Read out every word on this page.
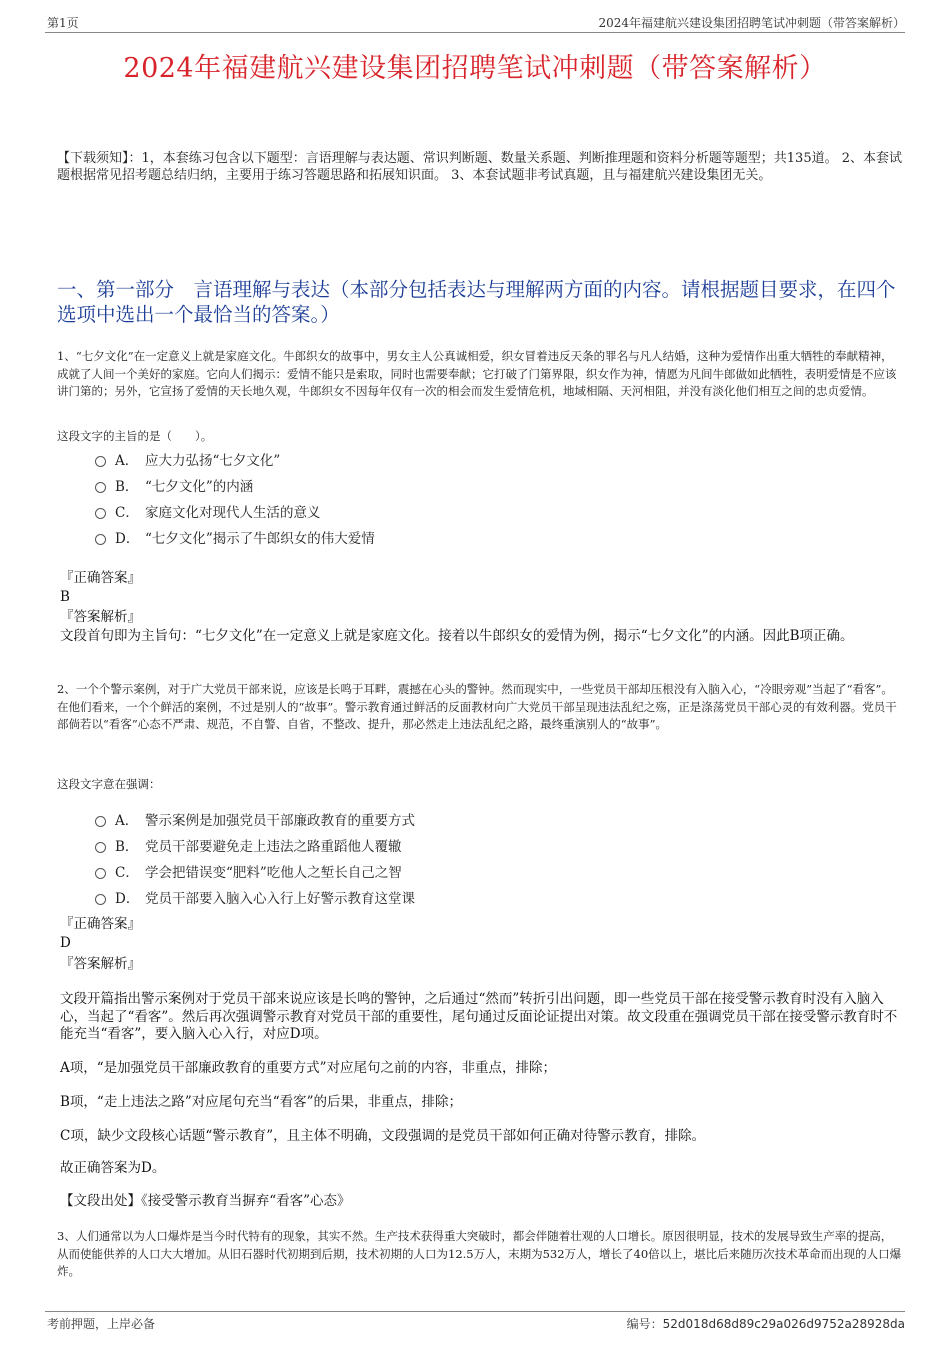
第1页	2024年福建航兴建设集团招聘笔试冲刺题（带答案解析）
2024年福建航兴建设集团招聘笔试冲刺题（带答案解析）
【下载须知】：1，本套练习包含以下题型：言语理解与表达题、常识判断题、数量关系题、判断推理题和资料分析题等题型；共135道。 2、本套试题根据常见招考题总结归纳，主要用于练习答题思路和拓展知识面。 3、本套试题非考试真题，且与福建航兴建设集团无关。
一、第一部分　言语理解与表达（本部分包括表达与理解两方面的内容。请根据题目要求，在四个选项中选出一个最恰当的答案。）
1、“七夕文化”在一定意义上就是家庭文化。牛郎织女的故事中，男女主人公真诚相爱，织女冒着违反天条的罪名与凡人结婚，这种为爱情作出重大牺牲的奉献精神，成就了人间一个美好的家庭。它向人们揭示：爱情不能只是索取，同时也需要奉献；它打破了门第界限，织女作为神，情愿为凡间牛郎做如此牺牲，表明爱情是不应该讲门第的；另外，它宣扬了爱情的天长地久观，牛郎织女不因每年仅有一次的相会而发生爱情危机，地域相隔、天河相阻，并没有淡化他们相互之间的忠贞爱情。
这段文字的主旨的是（　　）。
A． 应大力弘扬“七夕文化”
B． “七夕文化”的内涵
C． 家庭文化对现代人生活的意义
D． “七夕文化”揭示了牛郎织女的伟大爱情
『正确答案』
B
『答案解析』
文段首句即为主旨句：“七夕文化”在一定意义上就是家庭文化。接着以牛郎织女的爱情为例，揭示“七夕文化”的内涵。因此B项正确。
2、一个个警示案例，对于广大党员干部来说，应该是长鸣于耳畔，震撼在心头的警钟。然而现实中，一些党员干部却压根没有入脑入心，“冷眼旁观”当起了“看客”。在他们看来，一个个鲜活的案例，不过是别人的“故事”。警示教育通过鲜活的反面教材向广大党员干部呈现违法乱纪之殇，正是涤荡党员干部心灵的有效利器。党员干部倘若以“看客”心态不严肃、规范，不自警、自省，不整改、提升，那必然走上违法乱纪之路，最终重演别人的“故事”。
这段文字意在强调：
A． 警示案例是加强党员干部廉政教育的重要方式
B． 党员干部要避免走上违法之路重蹈他人覆辙
C． 学会把错误变“肥料”吃他人之堑长自己之智
D． 党员干部要入脑入心入行上好警示教育这堂课
『正确答案』
D
『答案解析』
文段开篇指出警示案例对于党员干部来说应该是长鸣的警钟，之后通过“然而”转折引出问题，即一些党员干部在接受警示教育时没有入脑入心，当起了“看客”。然后再次强调警示教育对党员干部的重要性，尾句通过反面论证提出对策。故文段重在强调党员干部在接受警示教育时不能充当“看客”，要入脑入心入行，对应D项。
A项，“是加强党员干部廉政教育的重要方式”对应尾句之前的内容，非重点，排除；
B项，“走上违法之路”对应尾句充当“看客”的后果，非重点，排除；
C项，缺少文段核心话题“警示教育”，且主体不明确，文段强调的是党员干部如何正确对待警示教育，排除。
故正确答案为D。
【文段出处】《接受警示教育当摒弃“看客”心态》
3、人们通常以为人口爆炸是当今时代特有的现象，其实不然。生产技术获得重大突破时，都会伴随着壮观的人口增长。原因很明显，技术的发展导致生产率的提高，从而使能供养的人口大大增加。从旧石器时代初期到后期，技术初期的人口为12.5万人，末期为532万人，增长了40倍以上，堪比后来随历次技术革命而出现的人口爆炸。
考前押题，上岸必备	编号：52d018d68d89c29a026d9752a28928da
